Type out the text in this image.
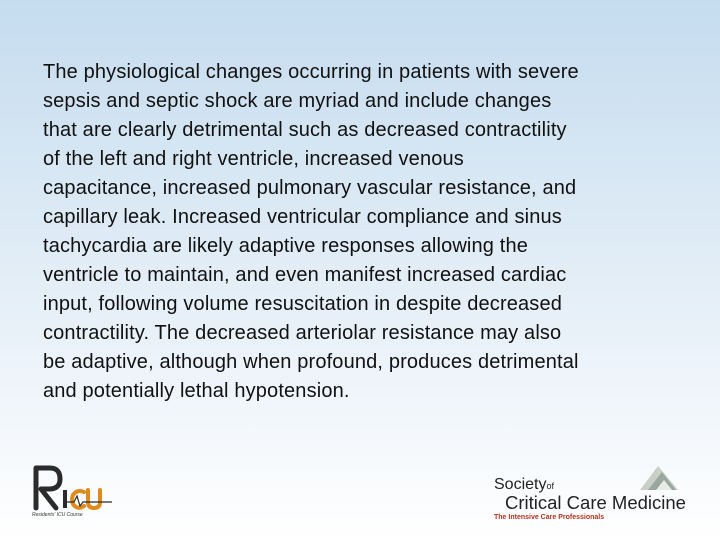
The physiological changes occurring in patients with severe
sepsis and septic shock are myriad and include changes
that are clearly detrimental such as decreased contractility
of the left and right ventricle, increased venous
capacitance, increased pulmonary vascular resistance, and
capillary leak. Increased ventricular compliance and sinus
tachycardia are likely adaptive responses allowing the
ventricle to maintain, and even manifest increased cardiac
input, following volume resuscitation in despite decreased
contractility. The decreased arteriolar resistance may also
be adaptive, although when profound, produces detrimental
and potentially lethal hypotension.

Residents' ICU Course
Societyof
Critical Care Medicine
The Intensive Care Professionals
